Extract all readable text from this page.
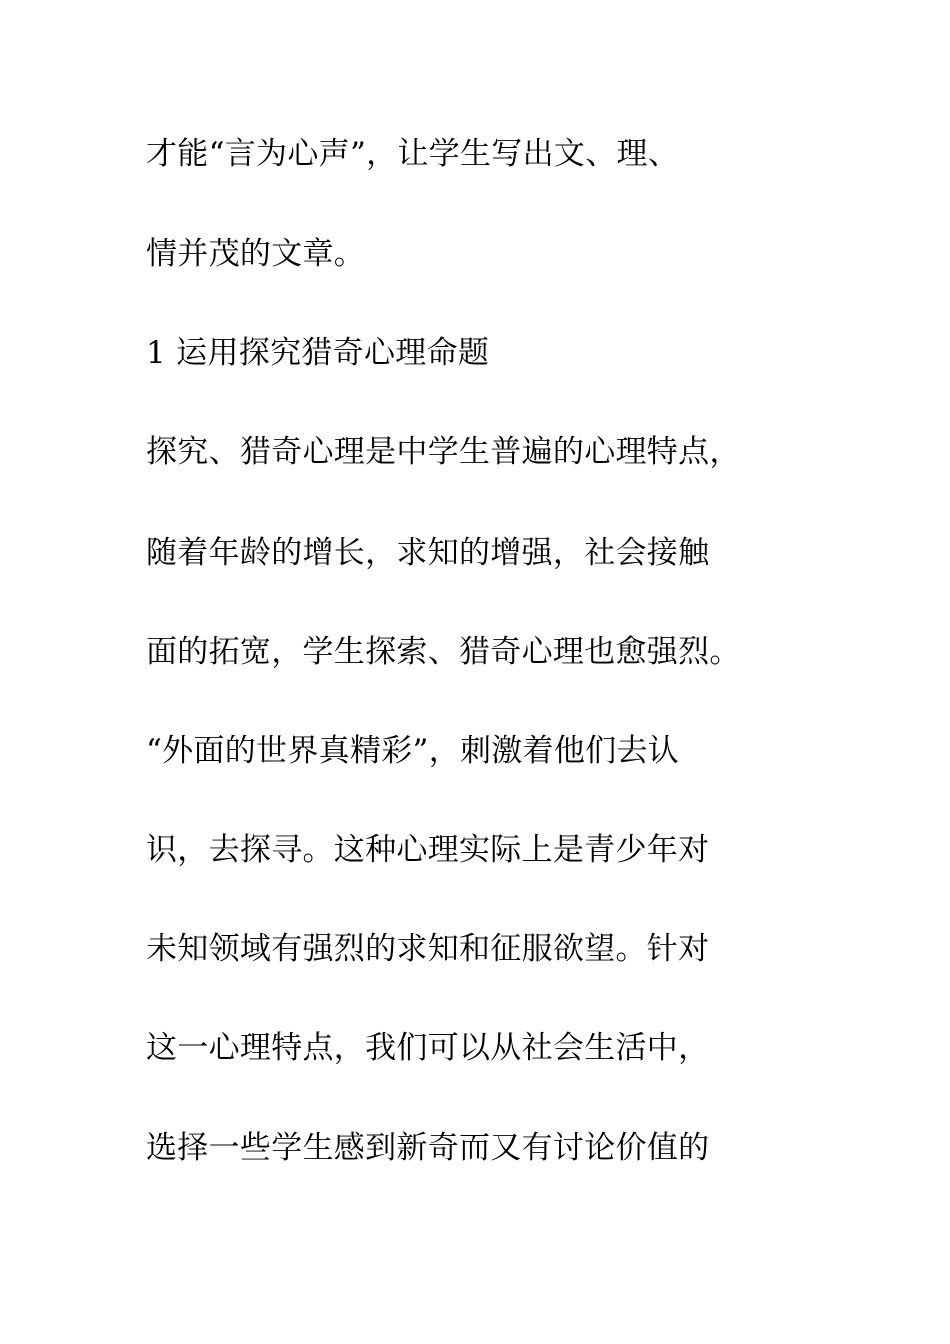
才能“言为心声”，让学生写出文、理、
情并茂的文章。
1 运用探究猎奇心理命题
探究、猎奇心理是中学生普遍的心理特点，
随着年龄的增长，求知的增强，社会接触
面的拓宽，学生探索、猎奇心理也愈强烈。
“外面的世界真精彩”，刺激着他们去认
识，去探寻。这种心理实际上是青少年对
未知领域有强烈的求知和征服欲望。针对
这一心理特点，我们可以从社会生活中，
选择一些学生感到新奇而又有讨论价值的
